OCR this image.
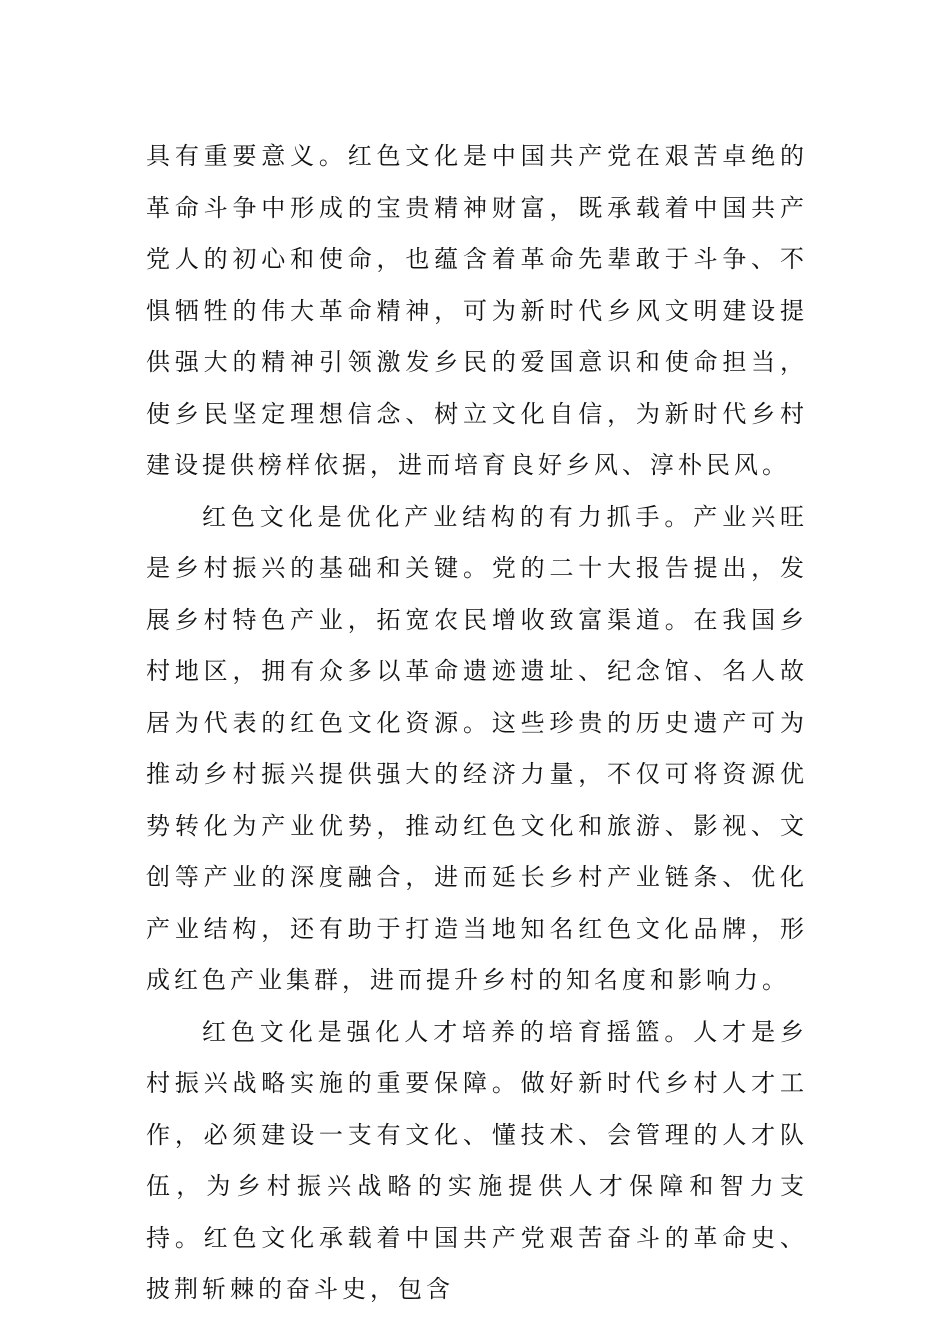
具有重要意义。红色文化是中国共产党在艰苦卓绝的革命斗争中形成的宝贵精神财富，既承载着中国共产党人的初心和使命，也蕴含着革命先辈敢于斗争、不惧牺牲的伟大革命精神，可为新时代乡风文明建设提供强大的精神引领激发乡民的爱国意识和使命担当，使乡民坚定理想信念、树立文化自信，为新时代乡村建设提供榜样依据，进而培育良好乡风、淳朴民风。

红色文化是优化产业结构的有力抓手。产业兴旺是乡村振兴的基础和关键。党的二十大报告提出，发展乡村特色产业，拓宽农民增收致富渠道。在我国乡村地区，拥有众多以革命遗迹遗址、纪念馆、名人故居为代表的红色文化资源。这些珍贵的历史遗产可为推动乡村振兴提供强大的经济力量，不仅可将资源优势转化为产业优势，推动红色文化和旅游、影视、文创等产业的深度融合，进而延长乡村产业链条、优化产业结构，还有助于打造当地知名红色文化品牌，形成红色产业集群，进而提升乡村的知名度和影响力。

红色文化是强化人才培养的培育摇篮。人才是乡村振兴战略实施的重要保障。做好新时代乡村人才工作，必须建设一支有文化、懂技术、会管理的人才队伍，为乡村振兴战略的实施提供人才保障和智力支持。红色文化承载着中国共产党艰苦奋斗的革命史、披荆斩棘的奋斗史，包含
